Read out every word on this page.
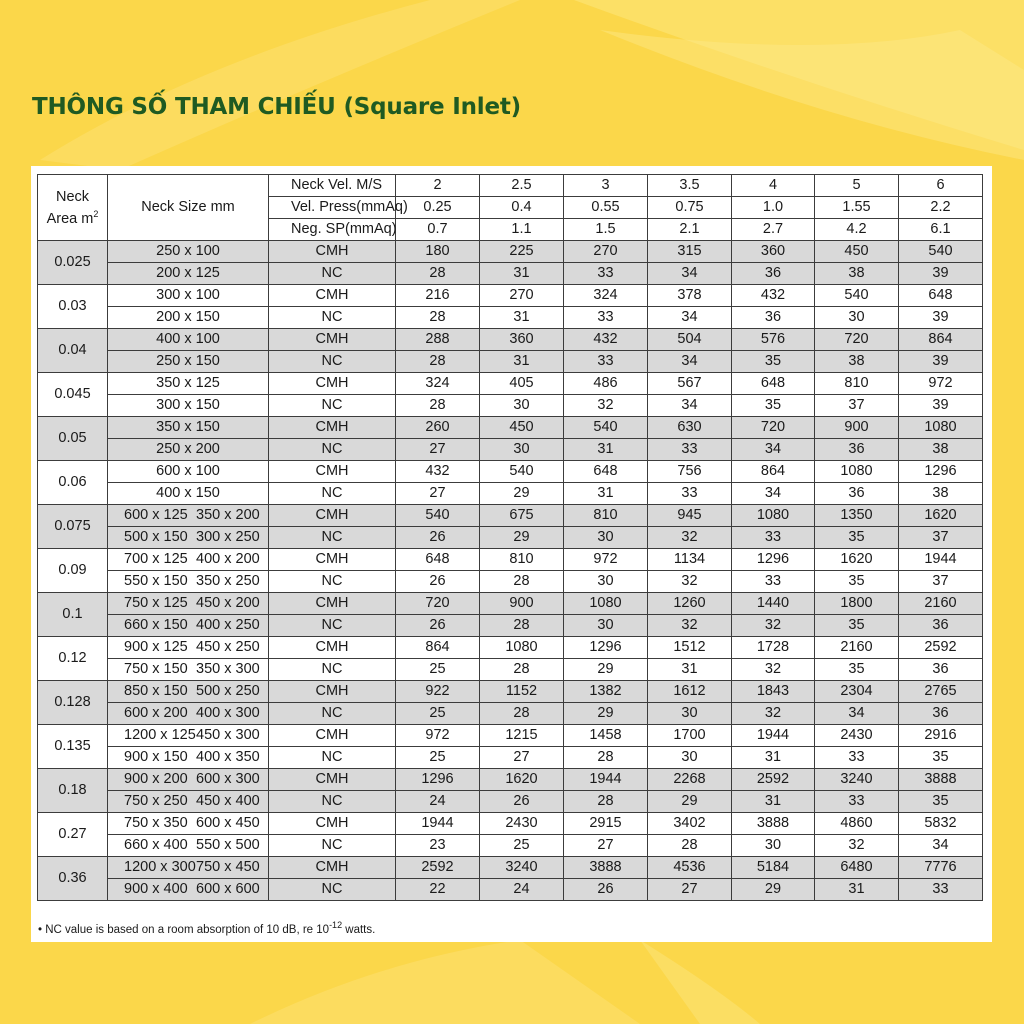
THÔNG SỐ THAM CHIẾU (Square Inlet)
Neck
Area $m^2$	Neck Size mm	Neck Vel. M/S	2	2.5	3	3.5	4	5	6
		Vel. Press(mmAq)	0.25	0.4	0.55	0.75	1.0	1.55	2.2
		Neg. SP(mmAq)	0.7	1.1	1.5	2.1	2.7	4.2	6.1
0.025	250 x 100	CMH	180	225	270	315	360	450	540
	200 x 125	NC	28	31	33	34	36	38	39
0.03	300 x 100	CMH	216	270	324	378	432	540	648
	200 x 150	NC	28	31	33	34	36	30	39
0.04	400 x 100	CMH	288	360	432	504	576	720	864
	250 x 150	NC	28	31	33	34	35	38	39
0.045	350 x 125	CMH	324	405	486	567	648	810	972
	300 x 150	NC	28	30	32	34	35	37	39
0.05	350 x 150	CMH	260	450	540	630	720	900	1080
	250 x 200	NC	27	30	31	33	34	36	38
0.06	600 x 100	CMH	432	540	648	756	864	1080	1296
	400 x 150	NC	27	29	31	33	34	36	38
0.075	600 x 125 350 x 200	CMH	540	675	810	945	1080	1350	1620
	500 x 150 300 x 250	NC	26	29	30	32	33	35	37
0.09	700 x 125 400 x 200	CMH	648	810	972	1134	1296	1620	1944
	550 x 150 350 x 250	NC	26	28	30	32	33	35	37
0.1	750 x 125 450 x 200	CMH	720	900	1080	1260	1440	1800	2160
	660 x 150 400 x 250	NC	26	28	30	32	32	35	36
0.12	900 x 125 450 x 250	CMH	864	1080	1296	1512	1728	2160	2592
	750 x 150 350 x 300	NC	25	28	29	31	32	35	36
0.128	850 x 150 500 x 250	CMH	922	1152	1382	1612	1843	2304	2765
	600 x 200 400 x 300	NC	25	28	29	30	32	34	36
0.135	1200 x 125450 x 300	CMH	972	1215	1458	1700	1944	2430	2916
	900 x 150 400 x 350	NC	25	27	28	30	31	33	35
0.18	900 x 200 600 x 300	CMH	1296	1620	1944	2268	2592	3240	3888
	750 x 250 450 x 400	NC	24	26	28	29	31	33	35
0.27	750 x 350 600 x 450	CMH	1944	2430	2915	3402	3888	4860	5832
	660 x 400 550 x 500	NC	23	25	27	28	30	32	34
0.36	1200 x 300750 x 450	CMH	2592	3240	3888	4536	5184	6480	7776
	900 x 400 600 x 600	NC	22	24	26	27	29	31	33

• NC value is based on a room absorption of 10 dB, re $10^{-12}$ watts.
